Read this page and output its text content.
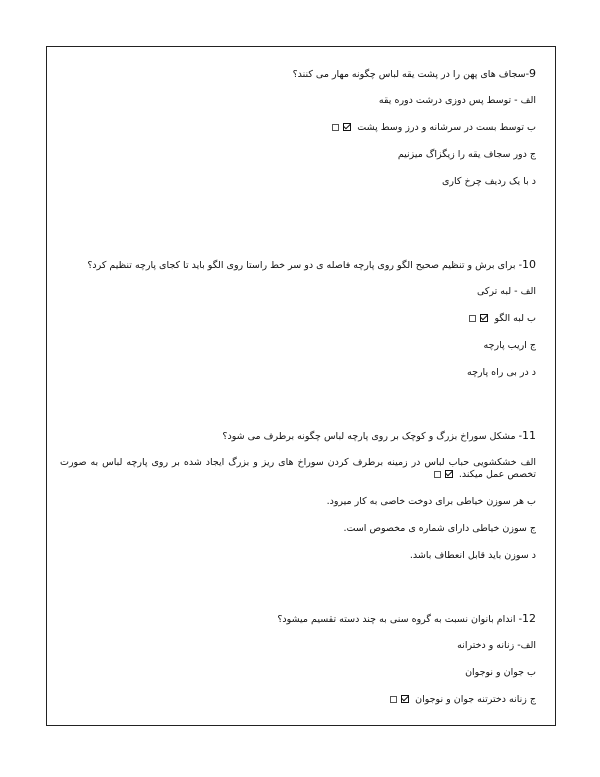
9-سجاف های پهن را در پشت یقه لباس چگونه مهار می کنند؟
الف - توسط پس دوزی درشت دوره یقه
ب توسط بست در سرشانه و درز وسط پشت
ج دور سجاف یقه را زیگزاگ میزنیم
د با یک ردیف چرخ کاری
10- برای برش و تنظیم صحیح الگو روی پارچه فاصله ی دو سر خط راستا روی الگو باید تا کجای پارچه تنظیم کرد؟
الف - لبه ترکی
ب لبه الگو
ج اریب پارچه
د در بی راه پارچه
11- مشکل سوراخ بزرگ و کوچک بر روی پارچه لباس چگونه برطرف می شود؟
الف خشکشویی حباب لباس در زمینه برطرف کردن سوراخ های ریز و بزرگ ایجاد شده بر روی پارچه لباس به صورت تخصص عمل میکند.
ب هر سوزن خیاطی برای دوخت خاصی به کار میرود.
ج سوزن خیاطی دارای شماره ی مخصوص است.
د سوزن باید قابل انعطاف باشد.
12- اندام بانوان نسبت به گروه سنی به چند دسته تقسیم میشود؟
الف- زنانه و دخترانه
ب جوان و نوجوان
ج زنانه دخترتنه جوان و نوجوان
